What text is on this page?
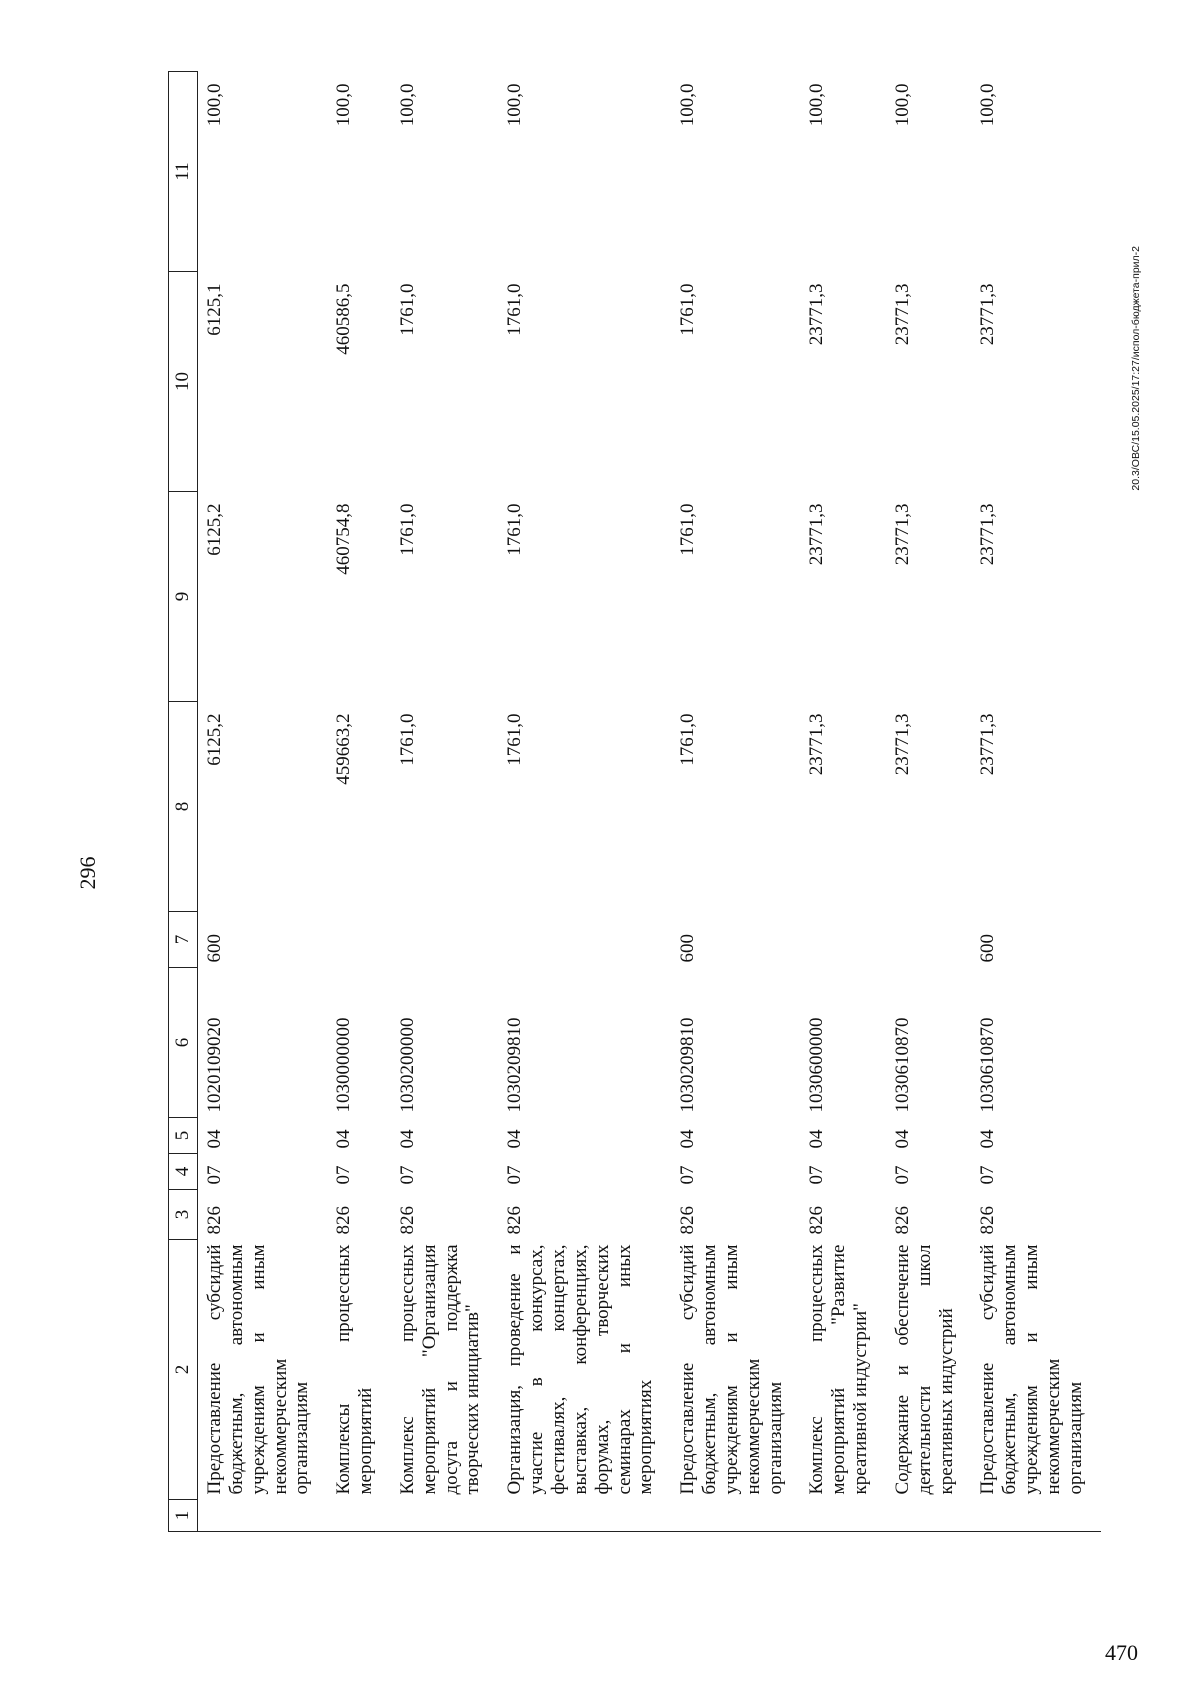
296
20.3/ОВС/15.05.2025/17:27/испол-бюджета-прил-2
1	2	3	4	5	6	7	8	9	10	11
	Предоставление субсидий бюджетным, автономным учреждениям и иным некоммерческим организациям	826	07	04	1020109020	600	6125,2	6125,2	6125,1	100,0
	Комплексы процессных мероприятий	826	07	04	1030000000		459663,2	460754,8	460586,5	100,0
	Комплекс процессных мероприятий "Организация досуга и поддержка творческих инициатив"	826	07	04	1030200000		1761,0	1761,0	1761,0	100,0
	Организация, проведение и участие в конкурсах, фестивалях, концертах, выставках, конференциях, форумах, творческих семинарах и иных мероприятиях	826	07	04	1030209810		1761,0	1761,0	1761,0	100,0
	Предоставление субсидий бюджетным, автономным учреждениям и иным некоммерческим организациям	826	07	04	1030209810	600	1761,0	1761,0	1761,0	100,0
	Комплекс процессных мероприятий "Развитие креативной индустрии"	826	07	04	1030600000		23771,3	23771,3	23771,3	100,0
	Содержание и обеспечение деятельности школ креативных индустрий	826	07	04	1030610870		23771,3	23771,3	23771,3	100,0
	Предоставление субсидий бюджетным, автономным учреждениям и иным некоммерческим организациям	826	07	04	1030610870	600	23771,3	23771,3	23771,3	100,0
470
